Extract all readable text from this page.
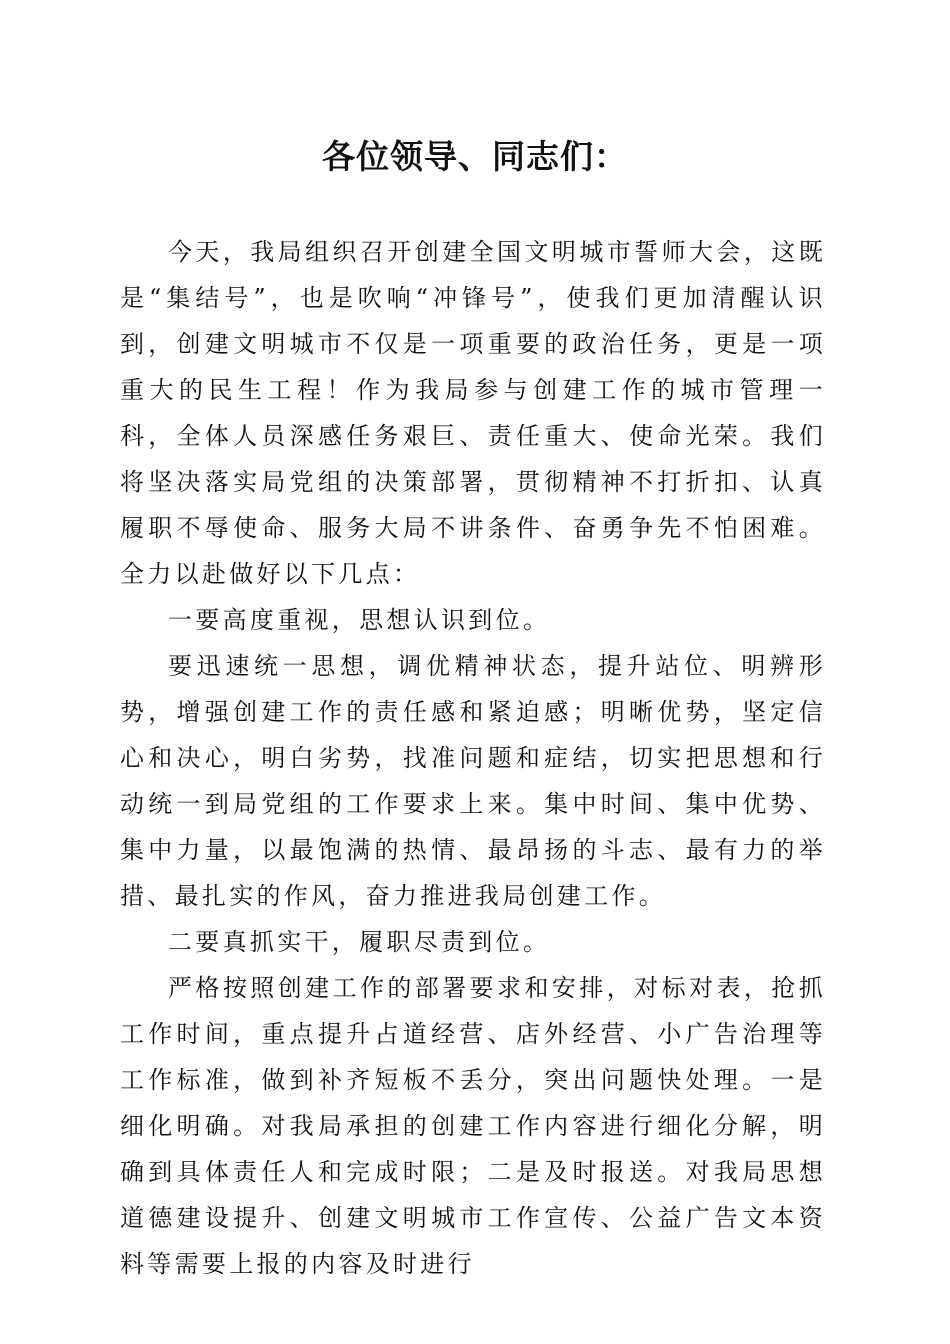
各位领导、同志们：

今天，我局组织召开创建全国文明城市誓师大会，这既是“集结号”，也是吹响“冲锋号”，使我们更加清醒认识到，创建文明城市不仅是一项重要的政治任务，更是一项重大的民生工程！作为我局参与创建工作的城市管理一科，全体人员深感任务艰巨、责任重大、使命光荣。我们将坚决落实局党组的决策部署，贯彻精神不打折扣、认真履职不辱使命、服务大局不讲条件、奋勇争先不怕困难。全力以赴做好以下几点：

一要高度重视，思想认识到位。

要迅速统一思想，调优精神状态，提升站位、明辨形势，增强创建工作的责任感和紧迫感；明晰优势，坚定信心和决心，明白劣势，找准问题和症结，切实把思想和行动统一到局党组的工作要求上来。集中时间、集中优势、集中力量，以最饱满的热情、最昂扬的斗志、最有力的举措、最扎实的作风，奋力推进我局创建工作。

二要真抓实干，履职尽责到位。

严格按照创建工作的部署要求和安排，对标对表，抢抓工作时间，重点提升占道经营、店外经营、小广告治理等工作标准，做到补齐短板不丢分，突出问题快处理。一是细化明确。对我局承担的创建工作内容进行细化分解，明确到具体责任人和完成时限；二是及时报送。对我局思想道德建设提升、创建文明城市工作宣传、公益广告文本资料等需要上报的内容及时进行
